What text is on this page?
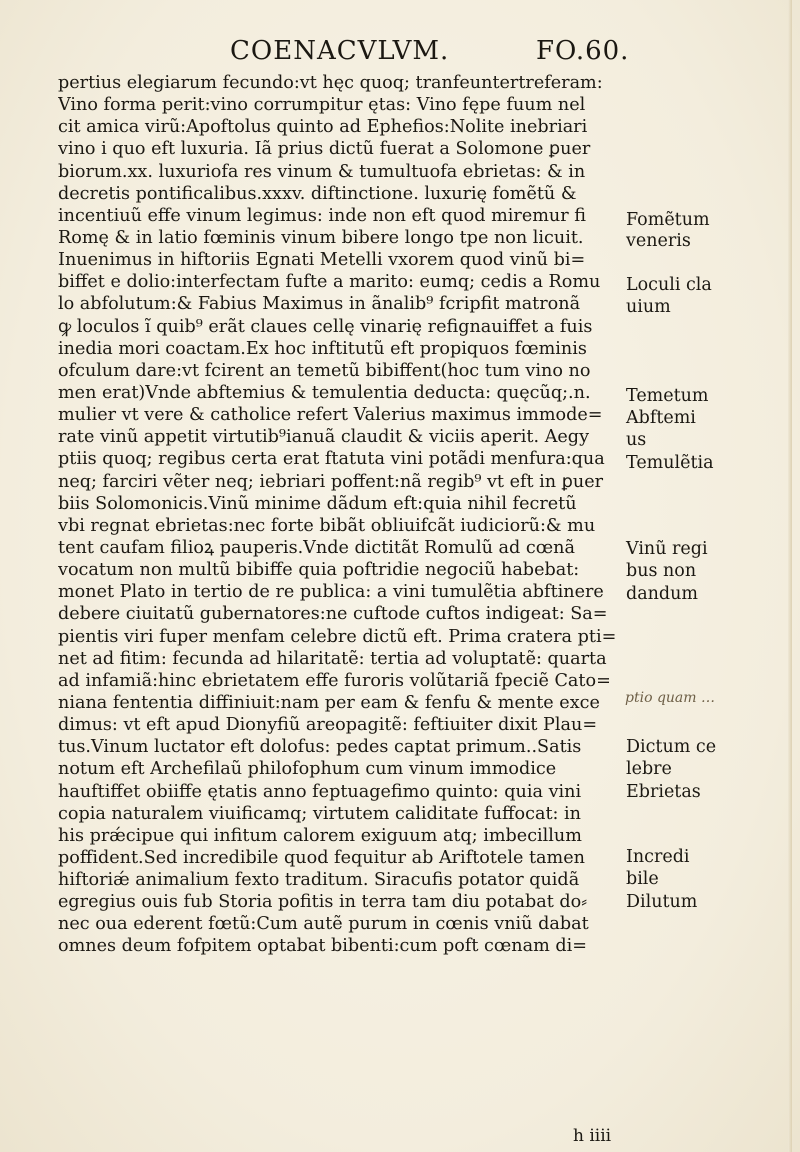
COENACVLVM.	FO.60.
pertius elegiarum fecundo:vt hęc quoq; tranfeuntertreferam:
Vino forma perit:vino corrumpitur ętas: Vino fępe fuum nel
cit amica virũ:Apoftolus quinto ad Ephefios:Nolite inebriari
vino i quo eft luxuria. Iã prius dictũ fuerat a Solomone ꝑuer
biorum.xx. luxuriofa res vinum & tumultuofa ebrietas: & in
decretis pontificalibus.xxxv. diftinctione. luxurię fomẽtũ &
incentiuũ effe vinum legimus: inde non eft quod miremur fi
Romę & in latio fœminis vinum bibere longo tpe non licuit.
Inuenimus in hiftoriis Egnati Metelli vxorem quod vinũ bi=
biffet e dolio:interfectam fufte a marito: eumq; cedis a Romu
lo abfolutum:& Fabius Maximus in ãnalib⁹ fcripfit matronã
ꝙ loculos ĩ quib⁹ erãt claues cellę vinarię refignauiffet a fuis
inedia mori coactam.Ex hoc inftitutũ eft propiquos fœminis
ofculum dare:vt fcirent an temetũ bibiffent(hoc tum vino no
men erat)Vnde abftemius & temulentia deducta: quęcũq;.n.
mulier vt vere & catholice refert Valerius maximus immode=
rate vinũ appetit virtutib⁹ianuã claudit & viciis aperit. Aegy
ptiis quoq; regibus certa erat ftatuta vini potãdi menfura:qua
neq; farciri vẽter neq; iebriari poffent:nã regib⁹ vt eft in ꝑuer
biis Solomonicis.Vinũ minime dãdum eft:quia nihil fecretũ
vbi regnat ebrietas:nec forte bibãt obliuifcãt iudiciorũ:& mu
tent caufam filioꝝ pauperis.Vnde dictitãt Romulũ ad cœnã
vocatum non multũ bibiffe quia poftridie negociũ habebat:
monet Plato in tertio de re publica: a vini tumulẽtia abftinere
debere ciuitatũ gubernatores:ne cuftode cuftos indigeat: Sa=
pientis viri fuper menfam celebre dictũ eft. Prima cratera pti=
net ad fitim: fecunda ad hilaritatẽ: tertia ad voluptatẽ: quarta
ad infamiã:hinc ebrietatem effe furoris volũtariã fpeciẽ Cato=
niana fententia diffiniuit:nam per eam & fenfu & mente exce
dimus: vt eft apud Dionyfiũ areopagitẽ: feftiuiter dixit Plau=
tus.Vinum luctator eft dolofus: pedes captat primum..Satis
notum eft Archefilaũ philofophum cum vinum immodice
hauftiffet obiiffe ętatis anno feptuagefimo quinto: quia vini
copia naturalem viuificamq; virtutem caliditate fuffocat: in
his prǽcipue qui infitum calorem exiguum atq; imbecillum
poffident.Sed incredibile quod fequitur ab Ariftotele tamen
hiftoriǽ animalium fexto traditum. Siracufis potator quidã
egregius ouis fub Storia pofitis in terra tam diu potabat do⸗
nec oua ederent fœtũ:Cum autẽ purum in cœnis vniũ dabat
omnes deum fofpitem optabat bibenti:cum poft cœnam di=
Fomẽtum
veneris
Loculi cla
uium
Temetum
Abftemi
us
Temulẽtia
Vinũ regi
bus non
dandum
Dictum ce
lebre
Ebrietas
Incredi
bile
Dilutum
ptio quam …
h iiii
